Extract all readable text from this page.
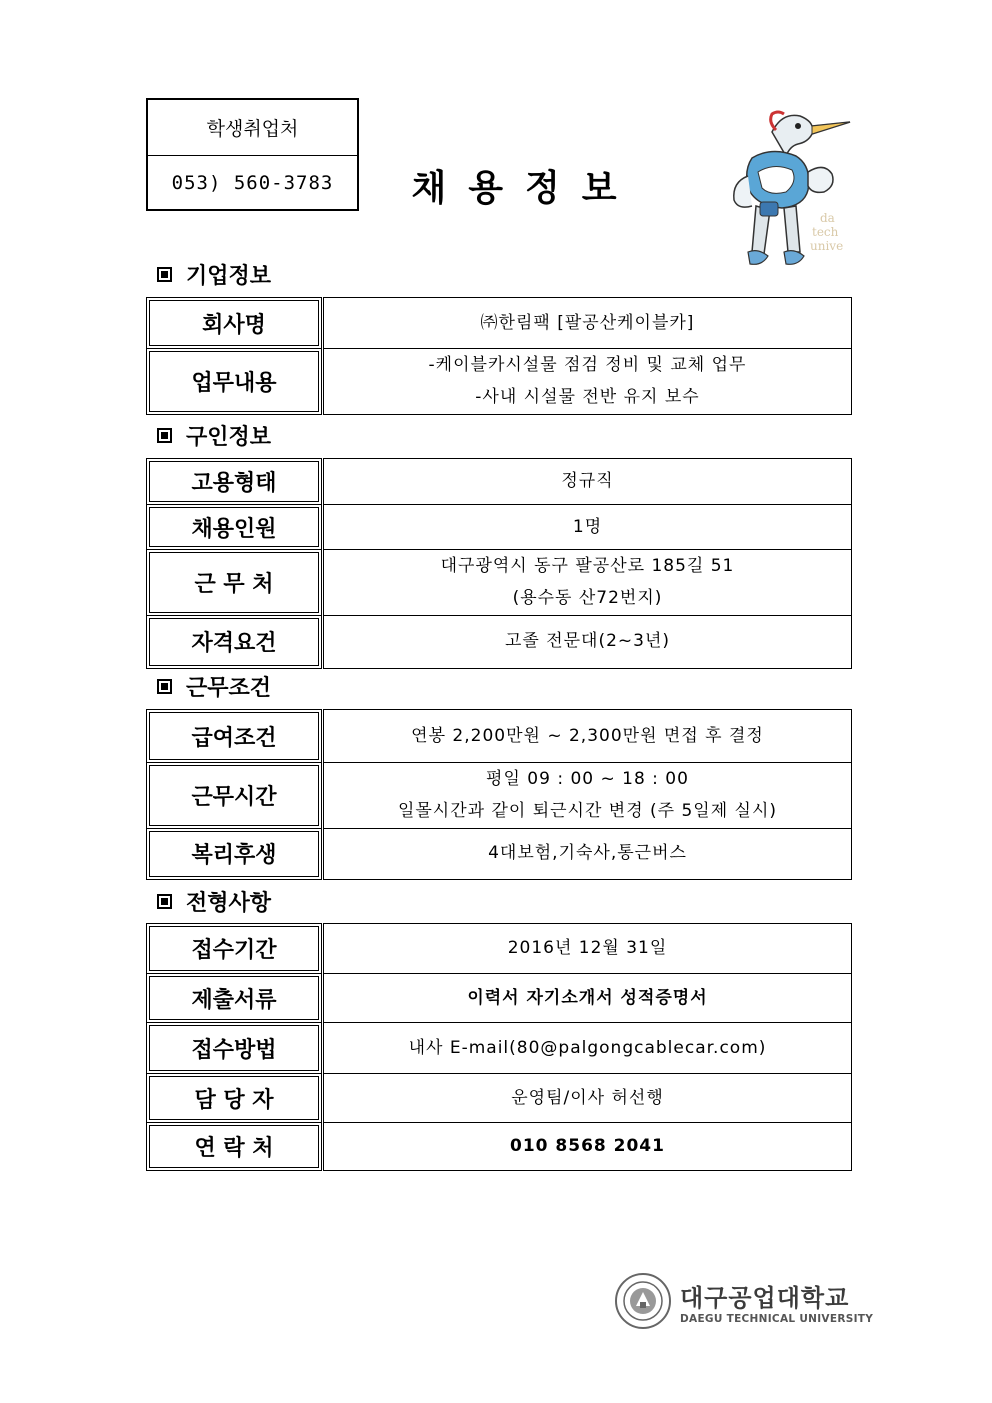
학생취업처
053) 560-3783	채용정보
da
tech
unive
기업정보
회사명	㈜한림팩 [팔공산케이블카]

업무내용	-케이블카시설물 점검 정비 및 교체 업무
-사내 시설물 전반 유지 보수
구인정보
고용형태	정규직

채용인원	1명

근 무 처	대구광역시 동구 팔공산로 185길 51
(용수동 산72번지)

자격요건	고졸 전문대(2~3년)
근무조건
급여조건	연봉 2,200만원 ~ 2,300만원 면접 후 결정

근무시간	평일 09 : 00 ~ 18 : 00
일몰시간과 같이 퇴근시간 변경 (주 5일제 실시)

복리후생	4대보험,기숙사,통근버스
전형사항
접수기간	2016년 12월 31일

제출서류	이력서 자기소개서 성적증명서

접수방법	내사 E-mail(80@palgongcablecar.com)

담 당 자	운영팀/이사 허선행

연 락 처	010 8568 2041
대구공업대학교
DAEGU TECHNICAL UNIVERSITY
